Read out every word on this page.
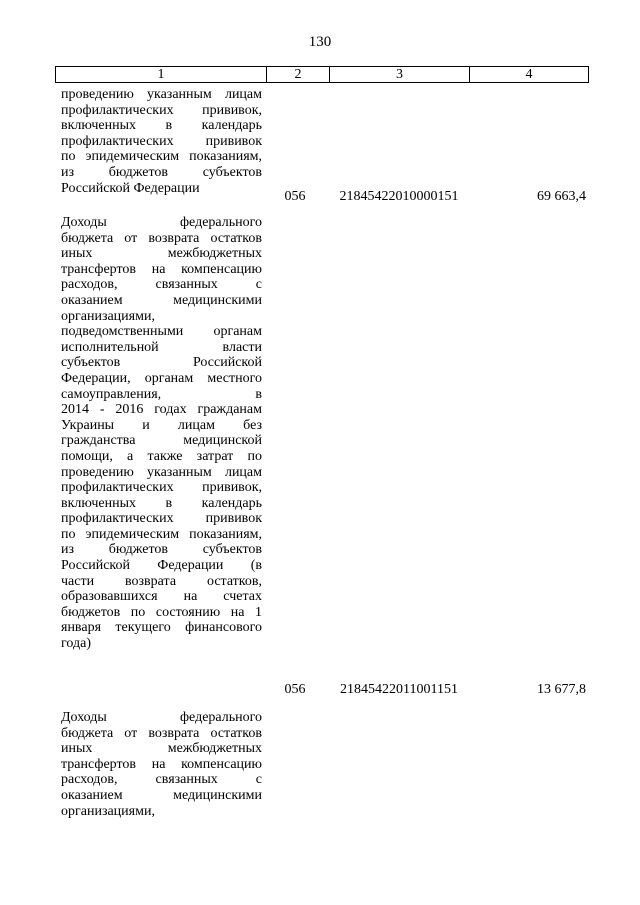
130
1	2	3	4
проведению указанным лицам
профилактических прививок,
включенных в календарь
профилактических прививок
по эпидемическим показаниям,
из бюджетов субъектов
Российской Федерации
056	21845422010000151	69 663,4
Доходы федерального
бюджета от возврата остатков
иных межбюджетных
трансфертов на компенсацию
расходов, связанных с
оказанием медицинскими
организациями,
подведомственными органам
исполнительной власти
субъектов Российской
Федерации, органам местного
самоуправления, в
2014 - 2016 годах гражданам
Украины и лицам без
гражданства медицинской
помощи, а также затрат по
проведению указанным лицам
профилактических прививок,
включенных в календарь
профилактических прививок
по эпидемическим показаниям,
из бюджетов субъектов
Российской Федерации (в
части возврата остатков,
образовавшихся на счетах
бюджетов по состоянию на 1
января текущего финансового
года)
056	21845422011001151	13 677,8
Доходы федерального
бюджета от возврата остатков
иных межбюджетных
трансфертов на компенсацию
расходов, связанных с
оказанием медицинскими
организациями,
